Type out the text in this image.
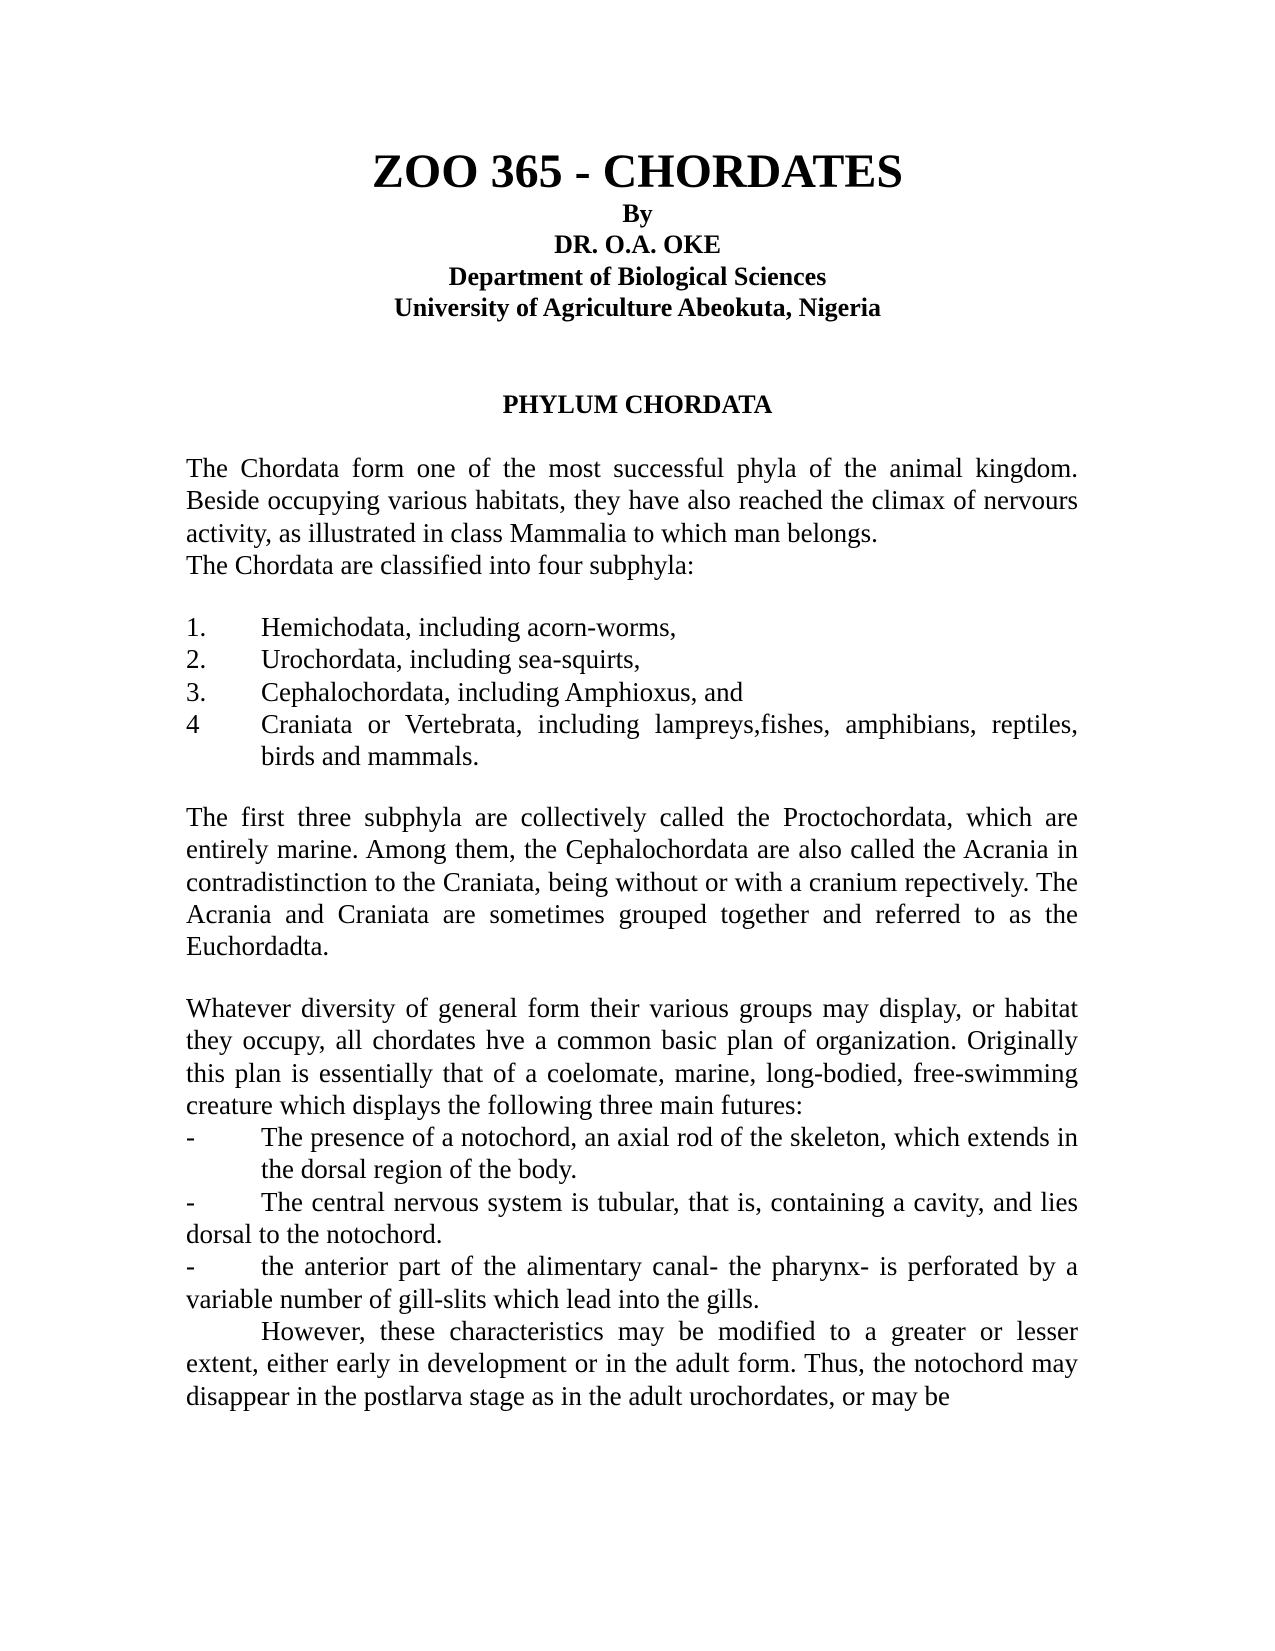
ZOO 365 - CHORDATES
By
DR. O.A. OKE
Department of Biological Sciences
University of Agriculture Abeokuta, Nigeria
PHYLUM CHORDATA

The Chordata form one of the most successful phyla of the animal kingdom. Beside occupying various habitats, they have also reached the climax of nervours activity, as illustrated in class Mammalia to which man belongs.

The Chordata are classified into four subphyla:

1.	Hemichodata, including acorn-worms,
2.	Urochordata, including sea-squirts,
3.	Cephalochordata, including Amphioxus, and
4	Craniata or Vertebrata, including lampreys,fishes, amphibians, reptiles, birds and mammals.

The first three subphyla are collectively called the Proctochordata, which are entirely marine. Among them, the Cephalochordata are also called the Acrania in contradistinction to the Craniata, being without or with a cranium repectively. The Acrania and Craniata are sometimes grouped together and referred to as the Euchordadta.

Whatever diversity of general form their various groups may display, or habitat they occupy, all chordates hve a common basic plan of organization. Originally this plan is essentially that of a coelomate, marine, long-bodied, free-swimming creature which displays the following three main futures:

-	The presence of a notochord, an axial rod of the skeleton, which extends in the dorsal region of the body.

- The central nervous system is tubular, that is, containing a cavity, and lies dorsal to the notochord.

- the anterior part of the alimentary canal- the pharynx- is perforated by a variable number of gill-slits which lead into the gills.

However, these characteristics may be modified to a greater or lesser extent, either early in development or in the adult form. Thus, the notochord may disappear in the postlarva stage as in the adult urochordates, or may be
